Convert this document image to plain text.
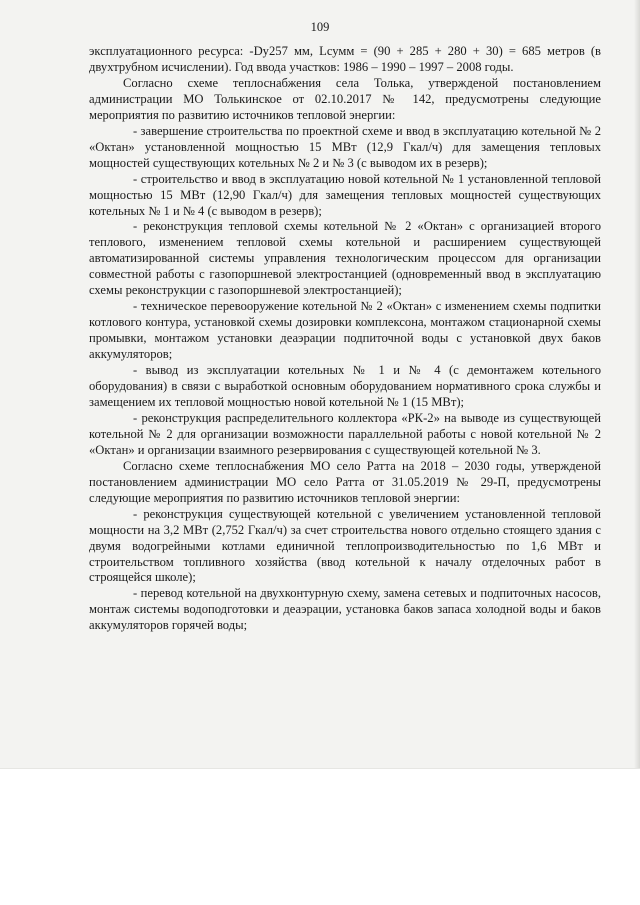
109

эксплуатационного ресурса: -Dy257 мм, Lсумм = (90 + 285 + 280 + 30) = 685 метров (в двухтрубном исчислении). Год ввода участков: 1986 – 1990 – 1997 – 2008 годы.

Согласно схеме теплоснабжения села Толька, утвержденой постановлением администрации МО Толькинское от 02.10.2017 № 142, предусмотрены следующие мероприятия по развитию источников тепловой энергии:

- завершение строительства по проектной схеме и ввод в эксплуатацию котельной № 2 «Октан» установленной мощностью 15 МВт (12,9 Гкал/ч) для замещения тепловых мощностей существующих котельных № 2 и № 3 (с выводом их в резерв);

- строительство и ввод в эксплуатацию новой котельной № 1 установленной тепловой мощностью 15 МВт (12,90 Гкал/ч) для замещения тепловых мощностей существующих котельных № 1 и № 4 (с выводом в резерв);

- реконструкция тепловой схемы котельной № 2 «Октан» с организацией второго теплового, изменением тепловой схемы котельной и расширением существующей автоматизированной системы управления технологическим процессом для организации совместной работы с газопоршневой электростанцией (одновременный ввод в эксплуатацию схемы реконструкции с газопоршневой электростанцией);

- техническое перевооружение котельной № 2 «Октан» с изменением схемы подпитки котлового контура, установкой схемы дозировки комплексона, монтажом стационарной схемы промывки, монтажом установки деаэрации подпиточной воды с установкой двух баков аккумуляторов;

- вывод из эксплуатации котельных № 1 и № 4 (с демонтажем котельного оборудования) в связи с выработкой основным оборудованием нормативного срока службы и замещением их тепловой мощностью новой котельной № 1 (15 МВт);

- реконструкция распределительного коллектора «РК-2» на выводе из существующей котельной № 2 для организации возможности параллельной работы с новой котельной № 2 «Октан» и организации взаимного резервирования с существующей котельной № 3.

Согласно схеме теплоснабжения МО село Ратта на 2018 – 2030 годы, утвержденой постановлением администрации МО село Ратта от 31.05.2019 № 29-П, предусмотрены следующие мероприятия по развитию источников тепловой энергии:

- реконструкция существующей котельной с увеличением установленной тепловой мощности на 3,2 МВт (2,752 Гкал/ч) за счет строительства нового отдельно стоящего здания с двумя водогрейными котлами единичной теплопроизводительностью по 1,6 МВт и строительством топливного хозяйства (ввод котельной к началу отделочных работ в строящейся школе);

- перевод котельной на двухконтурную схему, замена сетевых и подпиточных насосов, монтаж системы водоподготовки и деаэрации, установка баков запаса холодной воды и баков аккумуляторов горячей воды;
